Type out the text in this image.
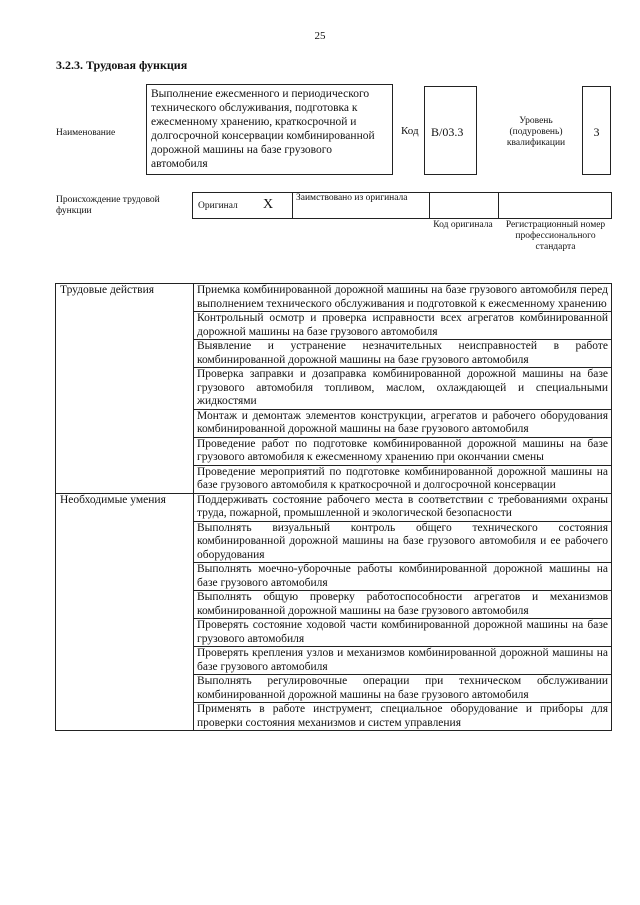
25
3.2.3. Трудовая функция
Наименование
Выполнение ежесменного и периодического технического обслуживания, подготовка к ежесменному хранению, краткосрочной и долгосрочной консервации комбинированной дорожной машины на базе грузового автомобиля
Код	B/03.3
Уровень (подуровень) квалификации
3
Происхождение трудовой функции	Оригинал X Заимствовано из оригинала
Код оригинала	Регистрационный номер профессионального стандарта
Трудовые действия	Приемка комбинированной дорожной машины на базе грузового автомобиля перед выполнением технического обслуживания и подготовкой к ежесменному хранению
	Контрольный осмотр и проверка исправности всех агрегатов комбинированной дорожной машины на базе грузового автомобиля
	Выявление и устранение незначительных неисправностей в работе комбинированной дорожной машины на базе грузового автомобиля
	Проверка заправки и дозаправка комбинированной дорожной машины на базе грузового автомобиля топливом, маслом, охлаждающей и специальными жидкостями
	Монтаж и демонтаж элементов конструкции, агрегатов и рабочего оборудования комбинированной дорожной машины на базе грузового автомобиля
	Проведение работ по подготовке комбинированной дорожной машины на базе грузового автомобиля к ежесменному хранению при окончании смены
	Проведение мероприятий по подготовке комбинированной дорожной машины на базе грузового автомобиля к краткосрочной и долгосрочной консервации
Необходимые умения	Поддерживать состояние рабочего места в соответствии с требованиями охраны труда, пожарной, промышленной и экологической безопасности
	Выполнять визуальный контроль общего технического состояния комбинированной дорожной машины на базе грузового автомобиля и ее рабочего оборудования
	Выполнять моечно-уборочные работы комбинированной дорожной машины на базе грузового автомобиля
	Выполнять общую проверку работоспособности агрегатов и механизмов комбинированной дорожной машины на базе грузового автомобиля
	Проверять состояние ходовой части комбинированной дорожной машины на базе грузового автомобиля
	Проверять крепления узлов и механизмов комбинированной дорожной машины на базе грузового автомобиля
	Выполнять регулировочные операции при техническом обслуживании комбинированной дорожной машины на базе грузового автомобиля
	Применять в работе инструмент, специальное оборудование и приборы для проверки состояния механизмов и систем управления
